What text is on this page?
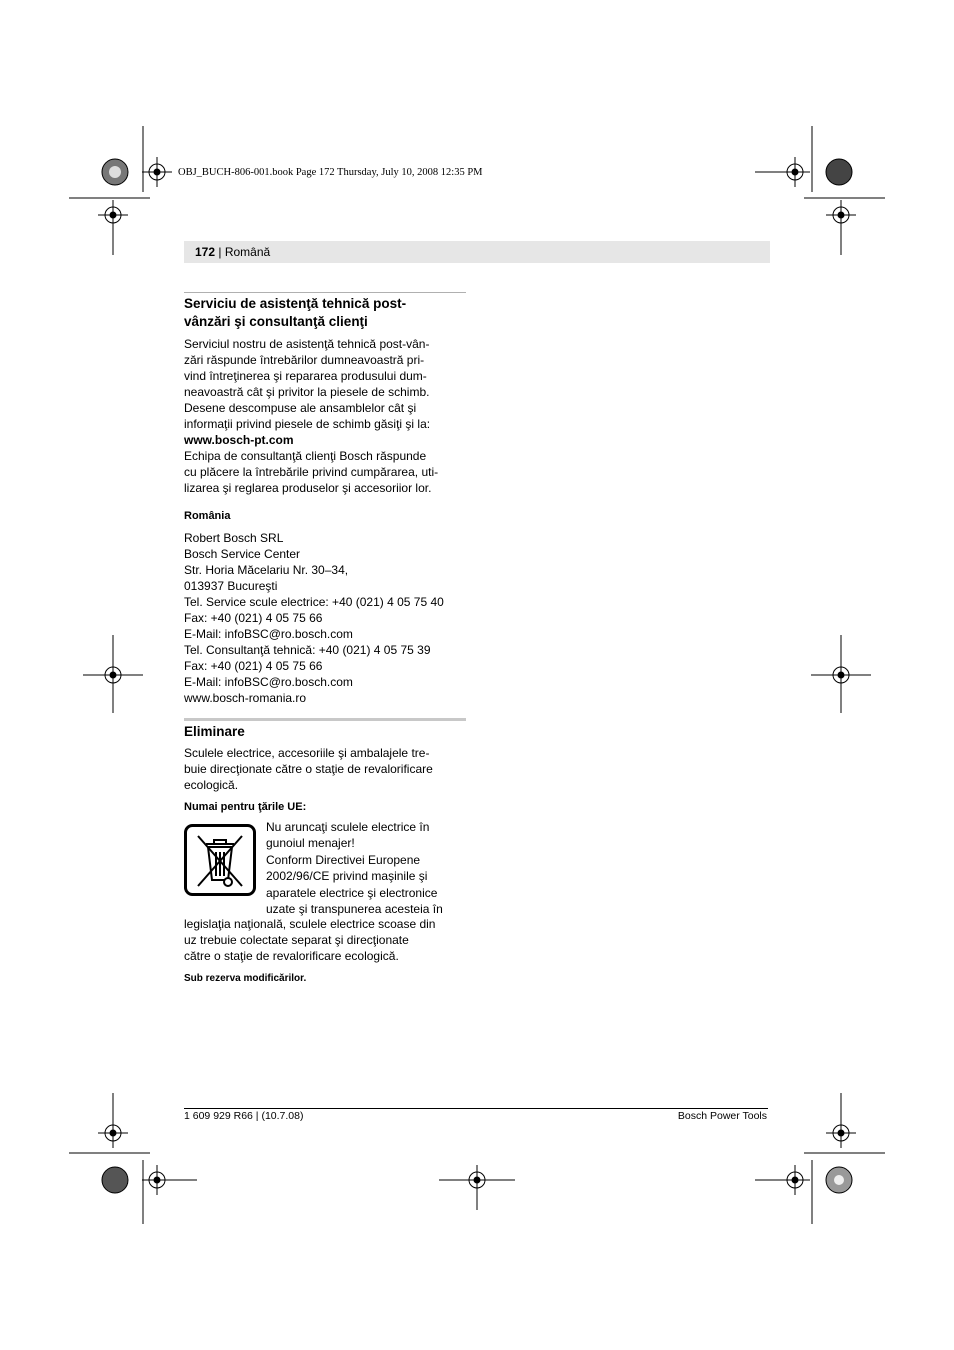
OBJ_BUCH-806-001.book Page 172 Thursday, July 10, 2008 12:35 PM
172 | Română
Serviciu de asistenţă tehnică post-
vânzări şi consultanţă clienţi
Serviciul nostru de asistenţă tehnică post-vân-
zări răspunde întrebărilor dumneavoastră pri-
vind întreţinerea şi repararea produsului dum-
neavoastră cât şi privitor la piesele de schimb.
Desene descompuse ale ansamblelor cât şi
informaţii privind piesele de schimb găsiţi şi la:
www.bosch-pt.com
Echipa de consultanţă clienţi Bosch răspunde
cu plăcere la întrebările privind cumpărarea, uti-
lizarea şi reglarea produselor şi accesoriior lor.
România
Robert Bosch SRL
Bosch Service Center
Str. Horia Măcelariu Nr. 30–34,
013937 Bucureşti
Tel. Service scule electrice: +40 (021) 4 05 75 40
Fax: +40 (021) 4 05 75 66
E-Mail: infoBSC@ro.bosch.com
Tel. Consultanţă tehnică: +40 (021) 4 05 75 39
Fax: +40 (021) 4 05 75 66
E-Mail: infoBSC@ro.bosch.com
www.bosch-romania.ro
Eliminare
Sculele electrice, accesoriile şi ambalajele tre-
buie direcţionate către o staţie de revalorificare
ecologică.
Numai pentru ţările UE:
Nu aruncaţi sculele electrice în
gunoiul menajer!
Conform Directivei Europene
2002/96/CE privind maşinile şi
aparatele electrice şi electronice
uzate şi transpunerea acesteia în
legislaţia naţională, sculele electrice scoase din
uz trebuie colectate separat şi direcţionate
către o staţie de revalorificare ecologică.
Sub rezerva modificărilor.
1 609 929 R66 | (10.7.08)	Bosch Power Tools
